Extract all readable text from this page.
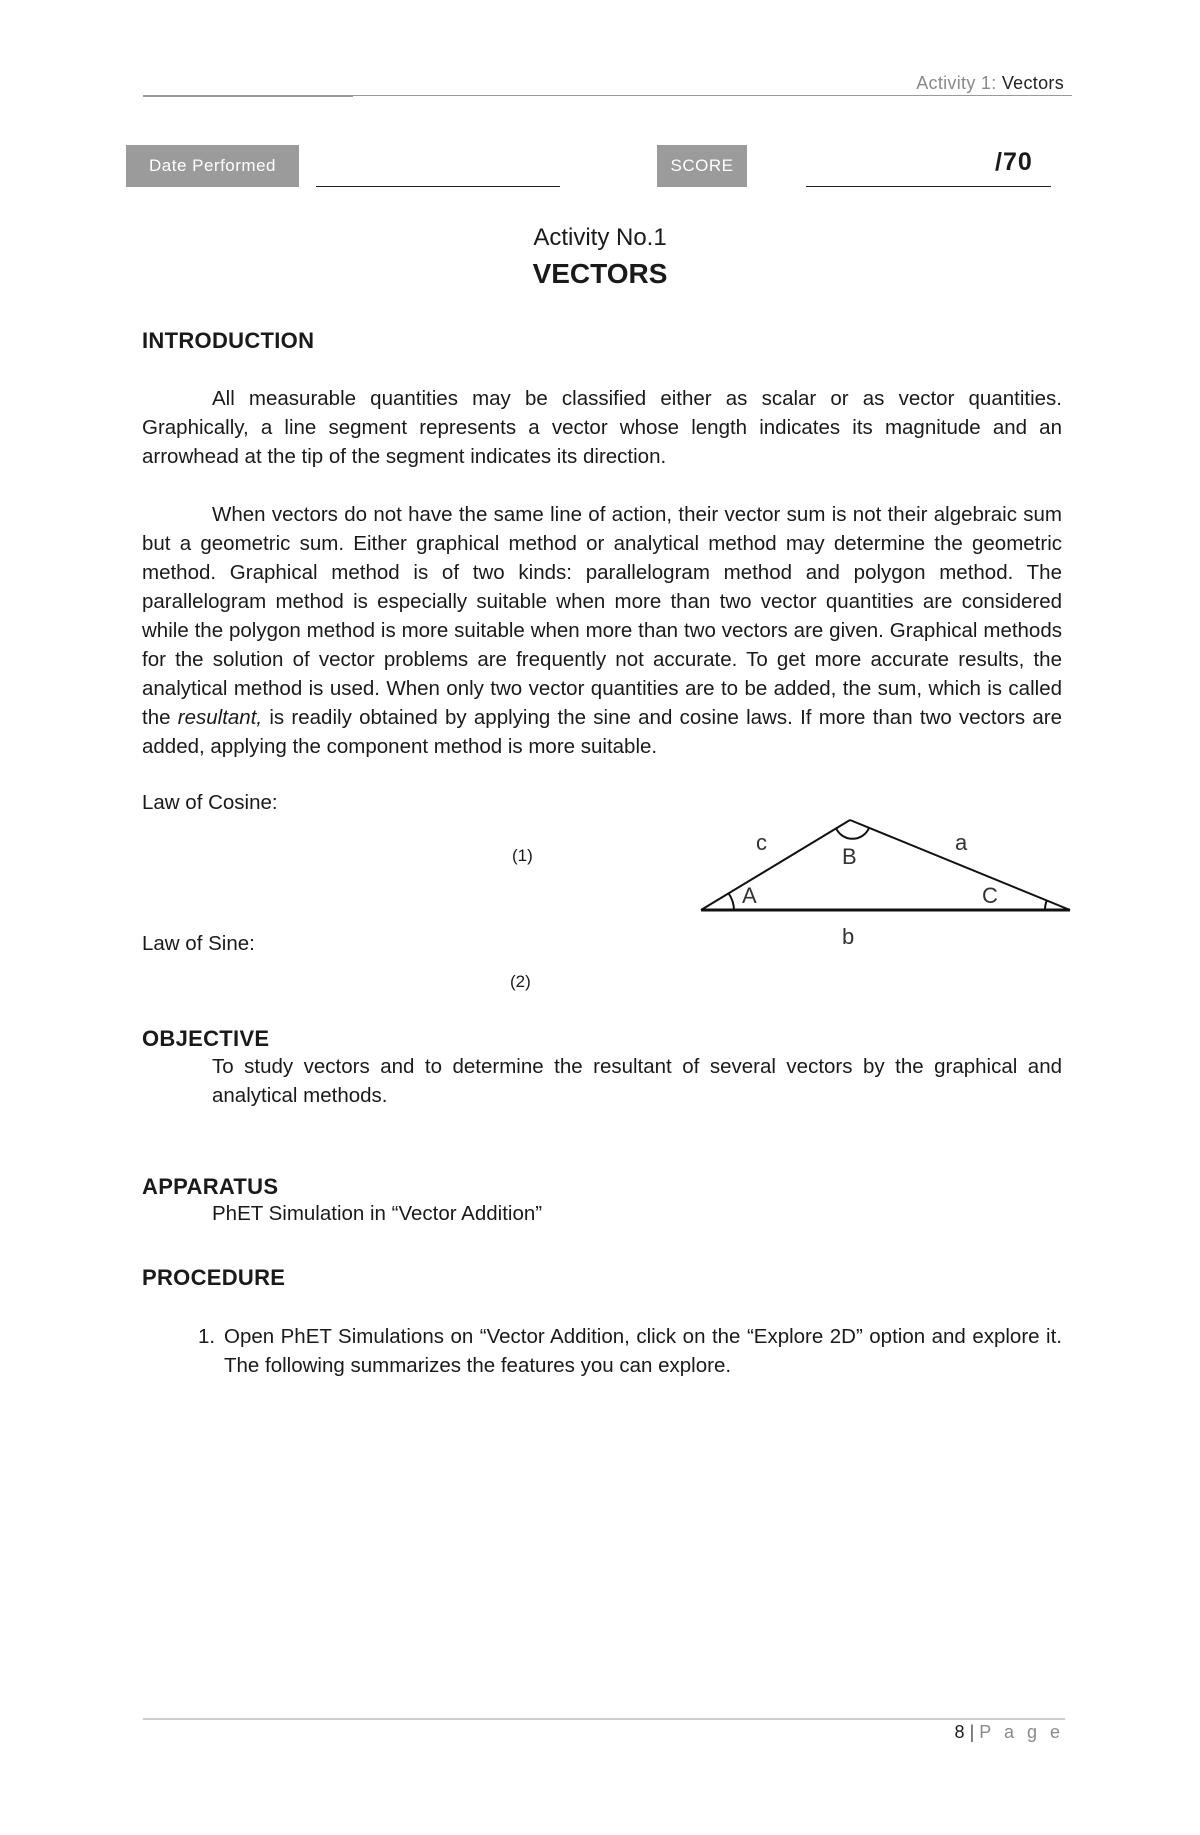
Activity 1: Vectors
Date Performed	SCORE	/70
Activity No.1
VECTORS
INTRODUCTION

All measurable quantities may be classified either as scalar or as vector quantities. Graphically, a line segment represents a vector whose length indicates its magnitude and an arrowhead at the tip of the segment indicates its direction.

When vectors do not have the same line of action, their vector sum is not their algebraic sum but a geometric sum. Either graphical method or analytical method may determine the geometric method. Graphical method is of two kinds: parallelogram method and polygon method. The parallelogram method is especially suitable when more than two vector quantities are considered while the polygon method is more suitable when more than two vectors are given. Graphical methods for the solution of vector problems are frequently not accurate. To get more accurate results, the analytical method is used. When only two vector quantities are to be added, the sum, which is called the resultant, is readily obtained by applying the sine and cosine laws. If more than two vectors are added, applying the component method is more suitable.

Law of Cosine:
(1)
Law of Sine:
(2)
c	a
b
A
B
C
OBJECTIVE
To study vectors and to determine the resultant of several vectors by the graphical and analytical methods.
APPARATUS
PhET Simulation in “Vector Addition”
PROCEDURE
1. Open PhET Simulations on “Vector Addition, click on the “Explore 2D” option and explore it. The following summarizes the features you can explore.
8 | P a g e
